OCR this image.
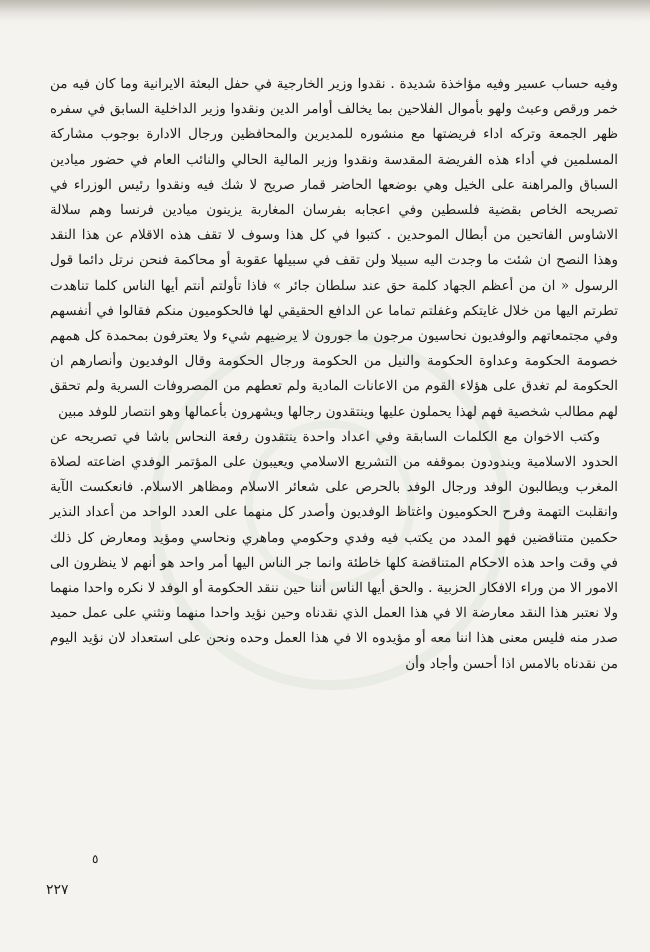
وفيه حساب عسير وفيه مؤاخذة شديدة . نقدوا وزير الخارجية في حفل البعثة الايرانية وما كان فيه من خمر ورقص وعبث ولهو بأموال الفلاحين بما يخالف أوامر الدين ونقدوا وزير الداخلية السابق في سفره ظهر الجمعة وتركه اداء فريضتها مع منشوره للمديرين والمحافظين ورجال الادارة بوجوب مشاركة المسلمين في أداء هذه الفريضة المقدسة ونقدوا وزير المالية الحالي والنائب العام في حضور ميادين السباق والمراهنة على الخيل وهي بوضعها الحاضر قمار صريح لا شك فيه ونقدوا رئيس الوزراء في تصريحه الخاص بقضية فلسطين وفي اعجابه بفرسان المغاربة يزينون ميادين فرنسا وهم سلالة الاشاوس الفاتحين من أبطال الموحدين . كتبوا في كل هذا وسوف لا تقف هذه الاقلام عن هذا النقد وهذا النصح ان شئت ما وجدت اليه سبيلا ولن تقف في سبيلها عقوبة أو محاكمة فنحن نرتل دائما قول الرسول « ان من أعظم الجهاد كلمة حق عند سلطان جائر » فاذا تأولتم أنتم أيها الناس كلما تناهدت تطرتم اليها من خلال غايتكم وغفلتم تماما عن الدافع الحقيقي لها فالحكوميون منكم فقالوا في أنفسهم وفي مجتمعاتهم والوفديون نحاسيون مرجون ما جورون لا يرضيهم شيء ولا يعترفون بمحمدة كل همهم خصومة الحكومة وعداوة الحكومة والنيل من الحكومة ورجال الحكومة وقال الوفديون وأنصارهم ان الحكومة لم تغدق على هؤلاء القوم من الاعانات المادية ولم تعطهم من المصروفات السرية ولم تحقق لهم مطالب شخصية فهم لهذا يحملون عليها وينتقدون رجالها ويشهرون بأعمالها وهو انتصار للوفد مبين

وكتب الاخوان مع الكلمات السابقة وفي اعداد واحدة ينتقدون رفعة النحاس باشا في تصريحه عن الحدود الاسلامية ويندودون بموقفه من التشريع الاسلامي ويعيبون على المؤتمر الوفدي اضاعته لصلاة المغرب ويطالبون الوفد ورجال الوفد بالحرص على شعائر الاسلام ومظاهر الاسلام. فانعكست الآية وانقلبت التهمة وفرح الحكوميون واغتاظ الوفديون وأصدر كل منهما على العدد الواحد من أعداد النذير حكمين متناقضين فهو المدد من يكتب فيه وفدي وحكومي وماهري ونحاسي ومؤيد ومعارض كل ذلك في وقت واحد هذه الاحكام المتناقضة كلها خاطئة وانما جر الناس اليها أمر واحد هو أنهم لا ينظرون الى الامور الا من وراء الافكار الحزبية . والحق أيها الناس أننا حين ننقد الحكومة أو الوفد لا نكره واحدا منهما ولا نعتبر هذا النقد معارضة الا في هذا العمل الذي نقدناه وحين نؤيد واحدا منهما ونثني على عمل حميد صدر منه فليس معنى هذا اننا معه أو مؤيدوه الا في هذا العمل وحده ونحن على استعداد لان نؤيد اليوم من نقدناه بالامس اذا أحسن وأجاد وأن

٥
٢٢٧
